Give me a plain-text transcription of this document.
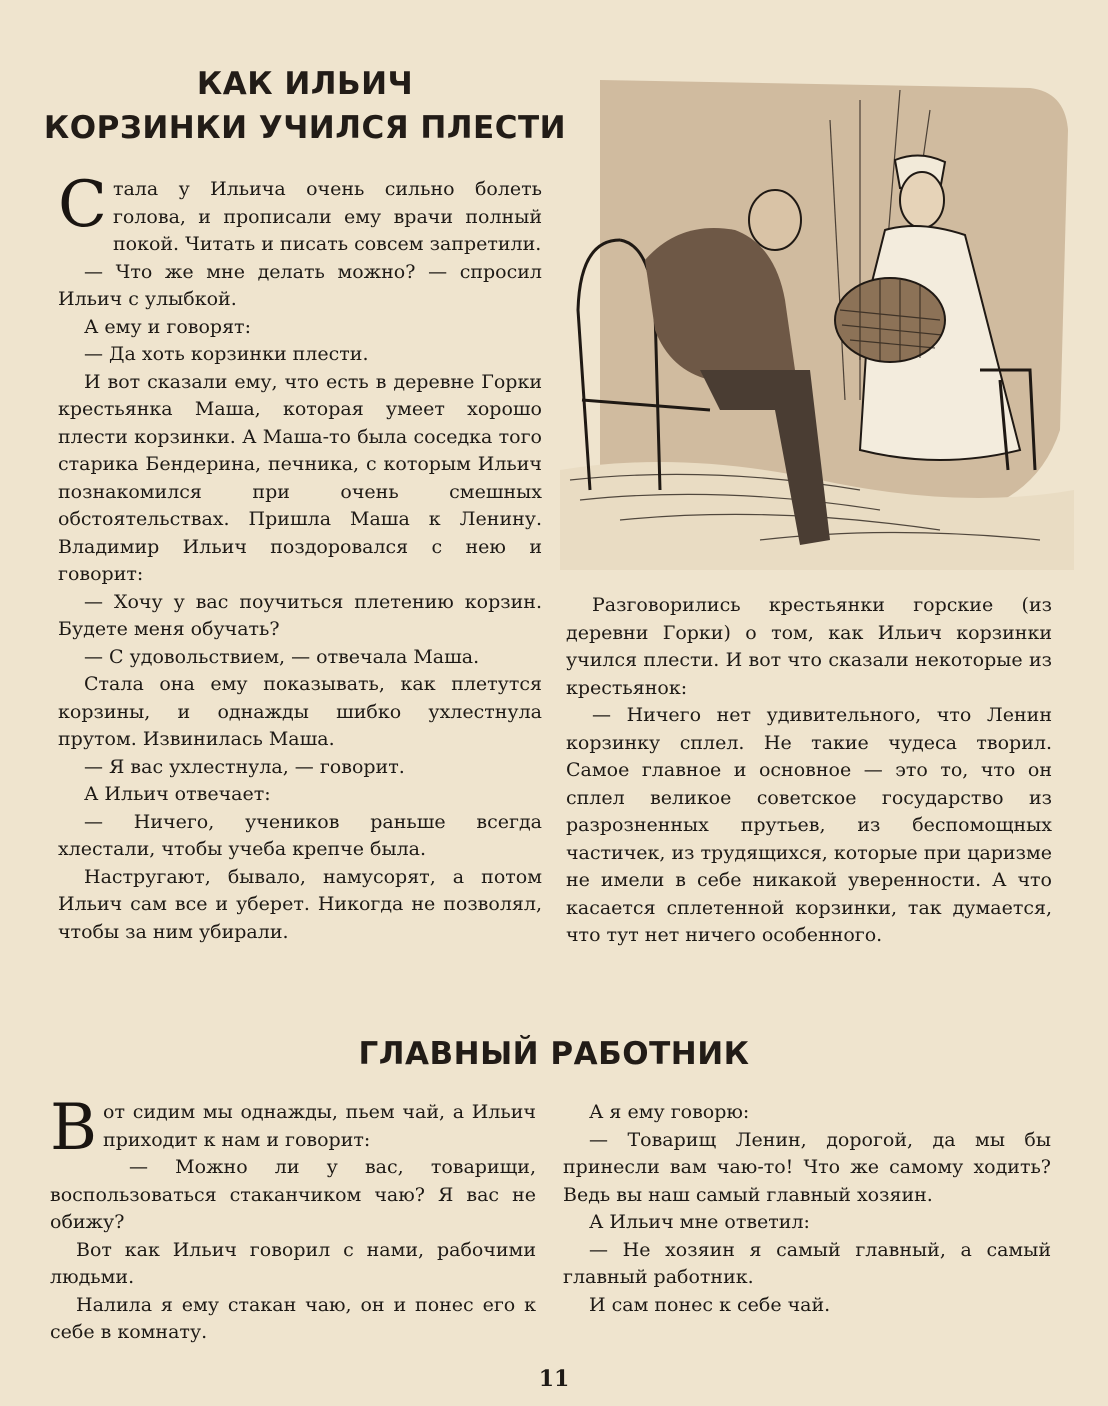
КАК ИЛЬИЧ
КОРЗИНКИ УЧИЛСЯ ПЛЕСТИ

Стала у Ильича очень сильно болеть голова, и прописали ему врачи полный покой. Читать и писать совсем запретили.

— Что же мне делать можно? — спросил Ильич с улыбкой.

А ему и говорят:

— Да хоть корзинки плести.

И вот сказали ему, что есть в деревне Горки крестьянка Маша, которая умеет хорошо плести корзинки. А Маша-то была соседка того старика Бендерина, печника, с которым Ильич познакомился при очень смешных обстоятельствах. Пришла Маша к Ленину. Владимир Ильич поздоровался с нею и говорит:

— Хочу у вас поучиться плетению корзин. Будете меня обучать?

— С удовольствием, — отвечала Маша.

Стала она ему показывать, как плетутся корзины, и однажды шибко ухлестнула прутом. Извинилась Маша.

— Я вас ухлестнула, — говорит.

А Ильич отвечает:

— Ничего, учеников раньше всегда хлестали, чтобы учеба крепче была.

Настругают, бывало, намусорят, а потом Ильич сам все и уберет. Никогда не позволял, чтобы за ним убирали.

Разговорились крестьянки горские (из деревни Горки) о том, как Ильич корзинки учился плести. И вот что сказали некоторые из крестьянок:

— Ничего нет удивительного, что Ленин корзинку сплел. Не такие чудеса творил. Самое главное и основное — это то, что он сплел великое советское государство из разрозненных прутьев, из беспомощных частичек, из трудящихся, которые при царизме не имели в себе никакой уверенности. А что касается сплетенной корзинки, так думается, что тут нет ничего особенного.

ГЛАВНЫЙ РАБОТНИК

Вот сидим мы однажды, пьем чай, а Ильич приходит к нам и говорит:

— Можно ли у вас, товарищи, воспользоваться стаканчиком чаю? Я вас не обижу?

Вот как Ильич говорил с нами, рабочими людьми.

Налила я ему стакан чаю, он и понес его к себе в комнату.

А я ему говорю:

— Товарищ Ленин, дорогой, да мы бы принесли вам чаю-то! Что же самому ходить? Ведь вы наш самый главный хозяин.

А Ильич мне ответил:

— Не хозяин я самый главный, а самый главный работник.

И сам понес к себе чай.

11
